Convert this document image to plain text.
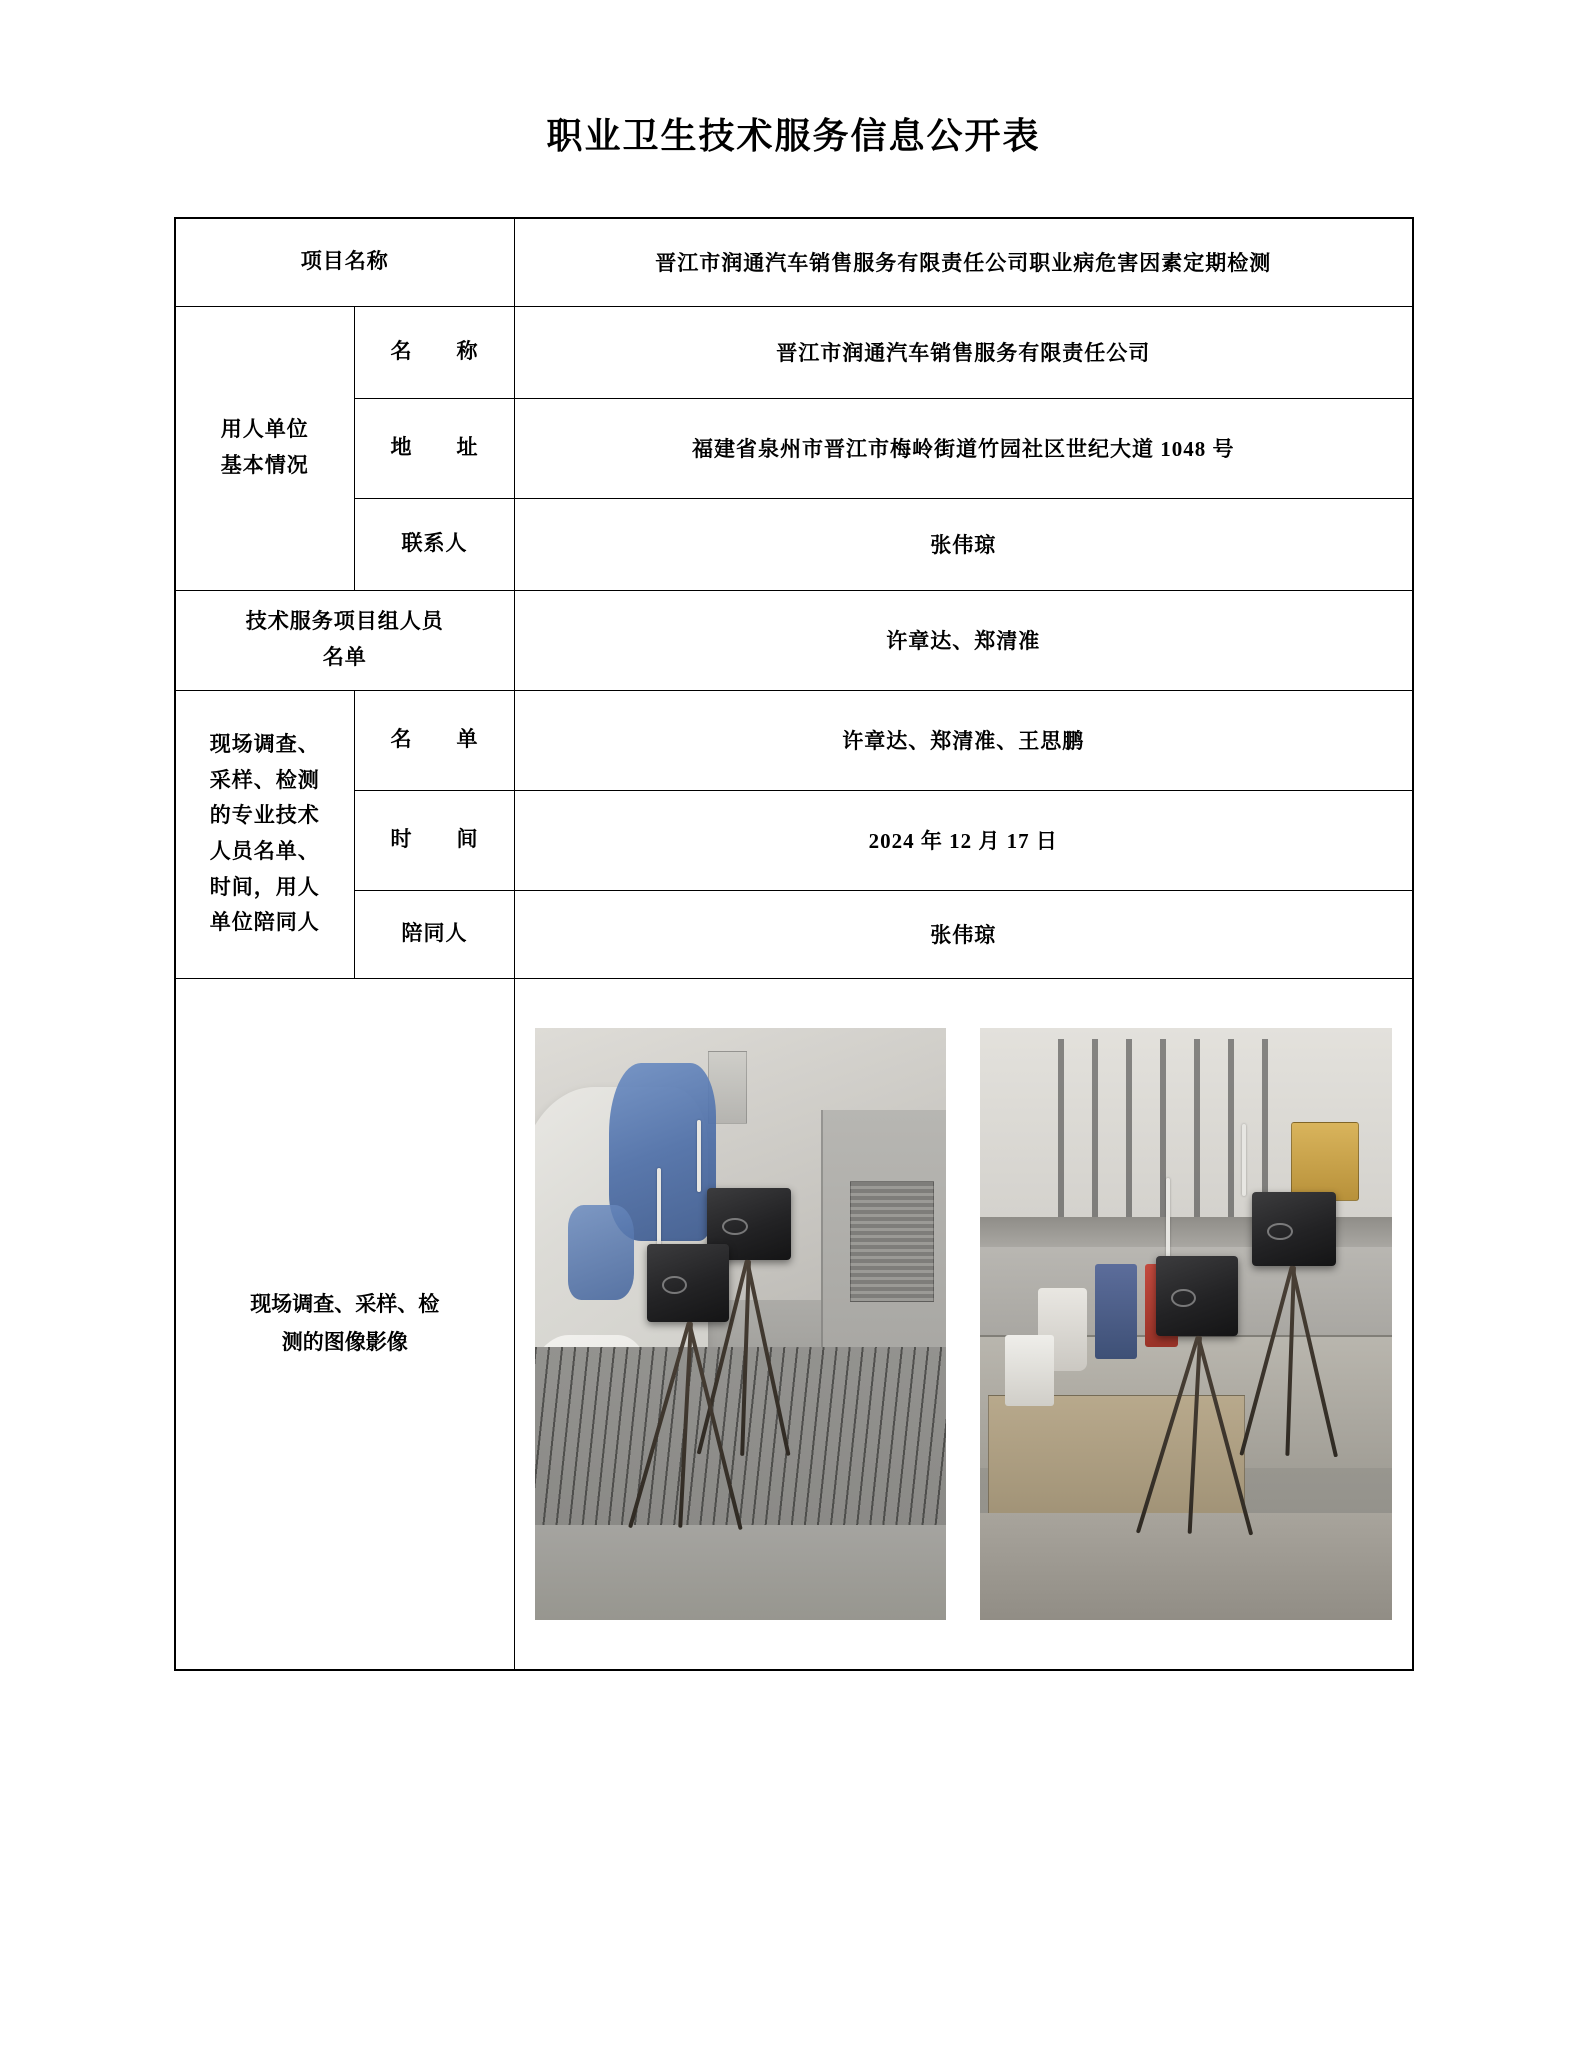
职业卫生技术服务信息公开表
项目名称		晋江市润通汽车销售服务有限责任公司职业病危害因素定期检测

用人单位
基本情况	名　　称	晋江市润通汽车销售服务有限责任公司
	地　　址	福建省泉州市晋江市梅岭街道竹园社区世纪大道 1048 号
	联系人	张伟琼

技术服务项目组人员
名单		许章达、郑清准

现场调查、
采样、检测
的专业技术
人员名单、
时间，用人
单位陪同人
	名　　单	许章达、郑清准、王思鹏
	时　　间	2024 年 12 月 17 日
	陪同人	张伟琼

现场调查、采样、检
测的图像影像		
